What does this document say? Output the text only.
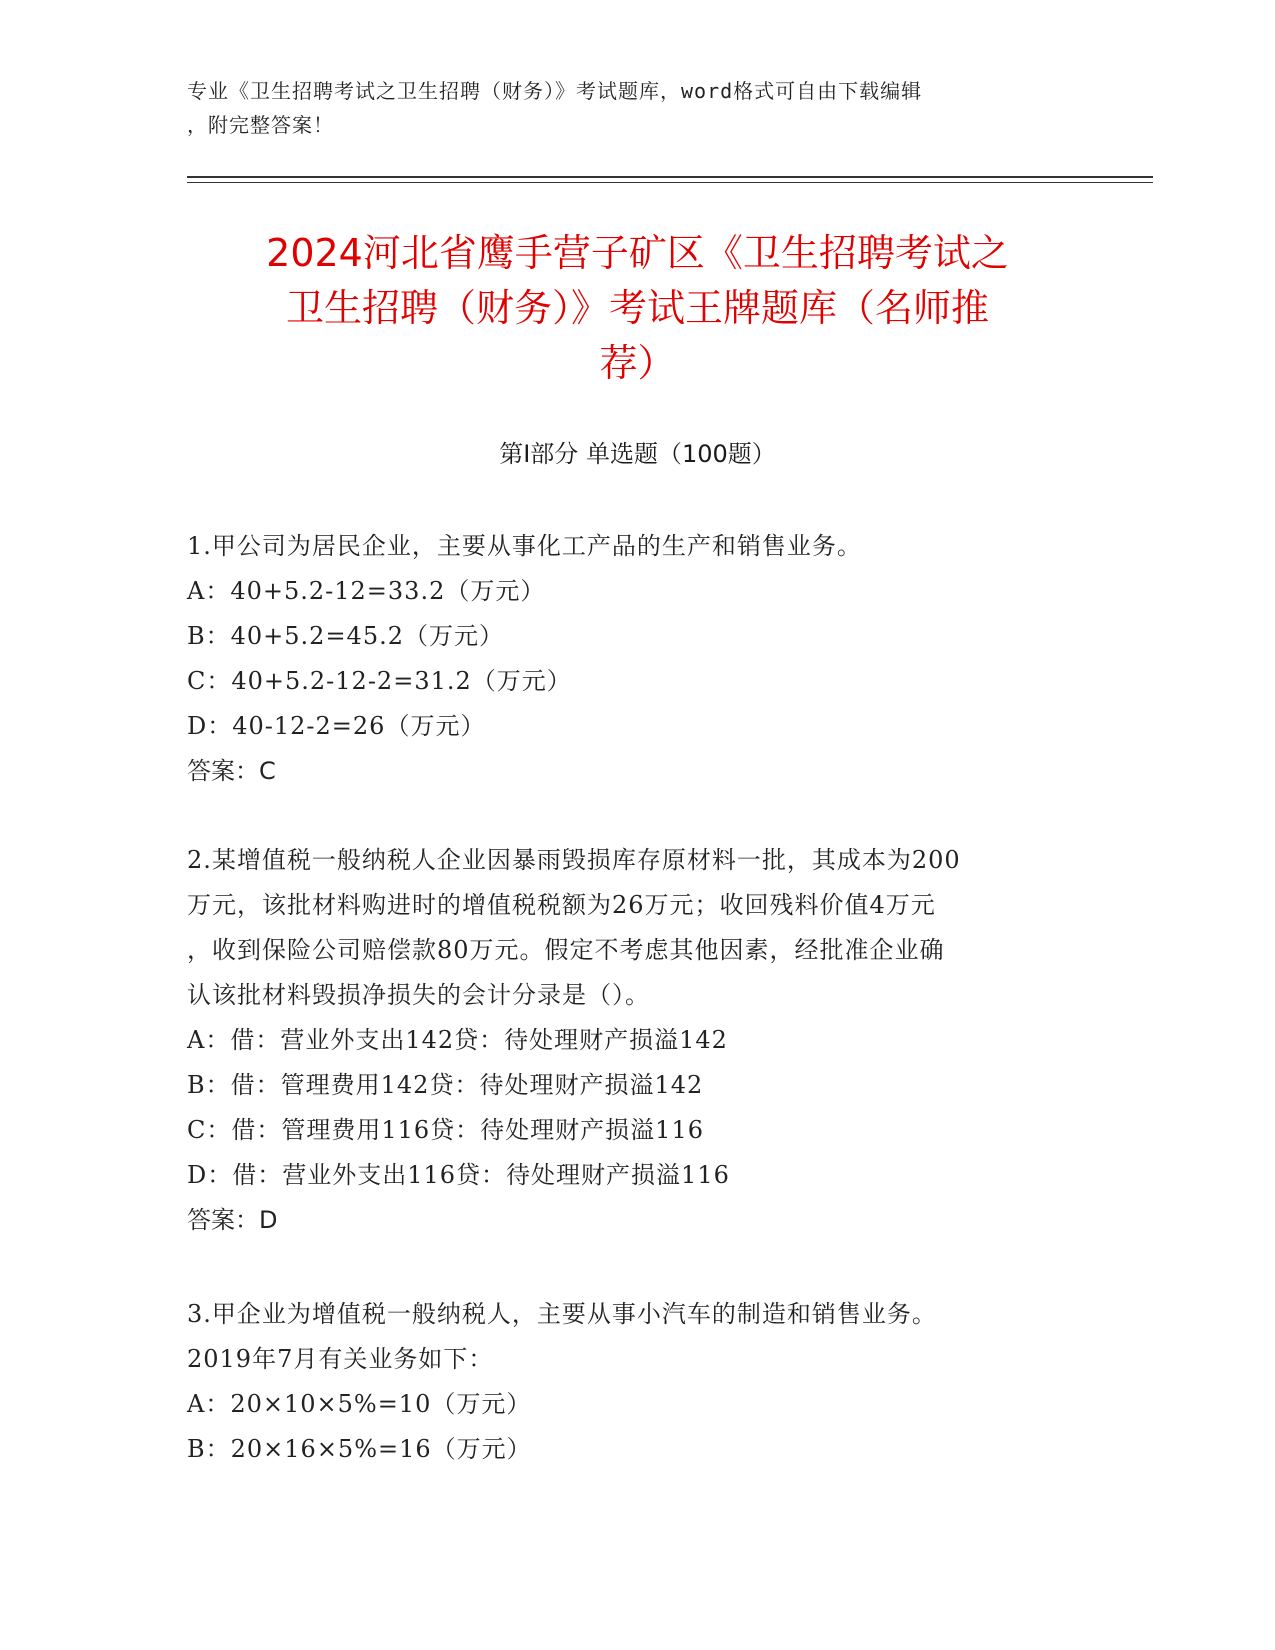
专业《卫生招聘考试之卫生招聘（财务）》考试题库，word格式可自由下载编辑
，附完整答案！
2024河北省鹰手营子矿区《卫生招聘考试之
卫生招聘（财务）》考试王牌题库（名师推
荐）
第Ⅰ部分 单选题（100题）
1.甲公司为居民企业，主要从事化工产品的生产和销售业务。
A：40+5.2-12=33.2（万元）
B：40+5.2=45.2（万元）
C：40+5.2-12-2=31.2（万元）
D：40-12-2=26（万元）
答案：C
2.某增值税一般纳税人企业因暴雨毁损库存原材料一批，其成本为200
万元，该批材料购进时的增值税税额为26万元；收回残料价值4万元
，收到保险公司赔偿款80万元。假定不考虑其他因素，经批准企业确
认该批材料毁损净损失的会计分录是（）。
A：借：营业外支出142贷：待处理财产损溢142
B：借：管理费用142贷：待处理财产损溢142
C：借：管理费用116贷：待处理财产损溢116
D：借：营业外支出116贷：待处理财产损溢116
答案：D
3.甲企业为增值税一般纳税人，主要从事小汽车的制造和销售业务。
2019年7月有关业务如下：
A：20×10×5%=10（万元）
B：20×16×5%=16（万元）
